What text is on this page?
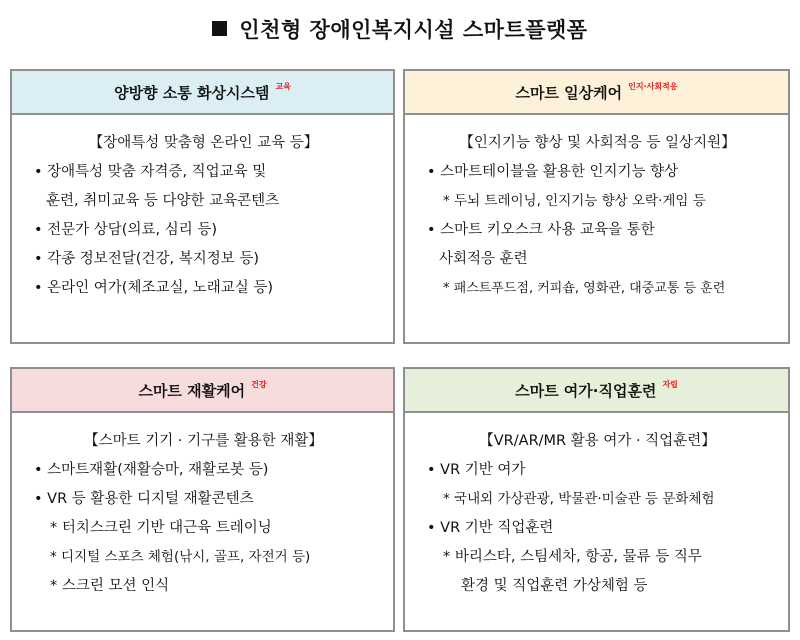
인천형 장애인복지시설 스마트플랫폼
양방향 소통 화상시스템 $^{교육}$
【장애특성 맞춤형 온라인 교육 등】
• 장애특성 맞춤 자격증, 직업교육 및
훈련, 취미교육 등 다양한 교육콘텐츠
• 전문가 상담(의료, 심리 등)
• 각종 정보전달(건강, 복지정보 등)
• 온라인 여가(체조교실, 노래교실 등)
스마트 일상케어 $^{인지\cdot 사회적응}$
【인지기능 향상 및 사회적응 등 일상지원】
• 스마트테이블을 활용한 인지기능 향상
* 두뇌 트레이닝, 인지기능 향상 오락·게임 등
• 스마트 키오스크 사용 교육을 통한
사회적응 훈련
* 패스트푸드점, 커피숍, 영화관, 대중교통 등 훈련
스마트 재활케어 $^{건강}$
【스마트 기기 · 기구를 활용한 재활】
• 스마트재활(재활승마, 재활로봇 등)
• VR 등 활용한 디지털 재활콘텐츠
* 터치스크린 기반 대근육 트레이닝
* 디지털 스포츠 체험(낚시, 골프, 자전거 등)
* 스크린 모션 인식
스마트 여가·직업훈련 $^{자립}$
【VR/AR/MR 활용 여가 · 직업훈련】
• VR 기반 여가
* 국내외 가상관광, 박물관·미술관 등 문화체험
• VR 기반 직업훈련
* 바리스타, 스팀세차, 항공, 물류 등 직무
환경 및 직업훈련 가상체험 등
